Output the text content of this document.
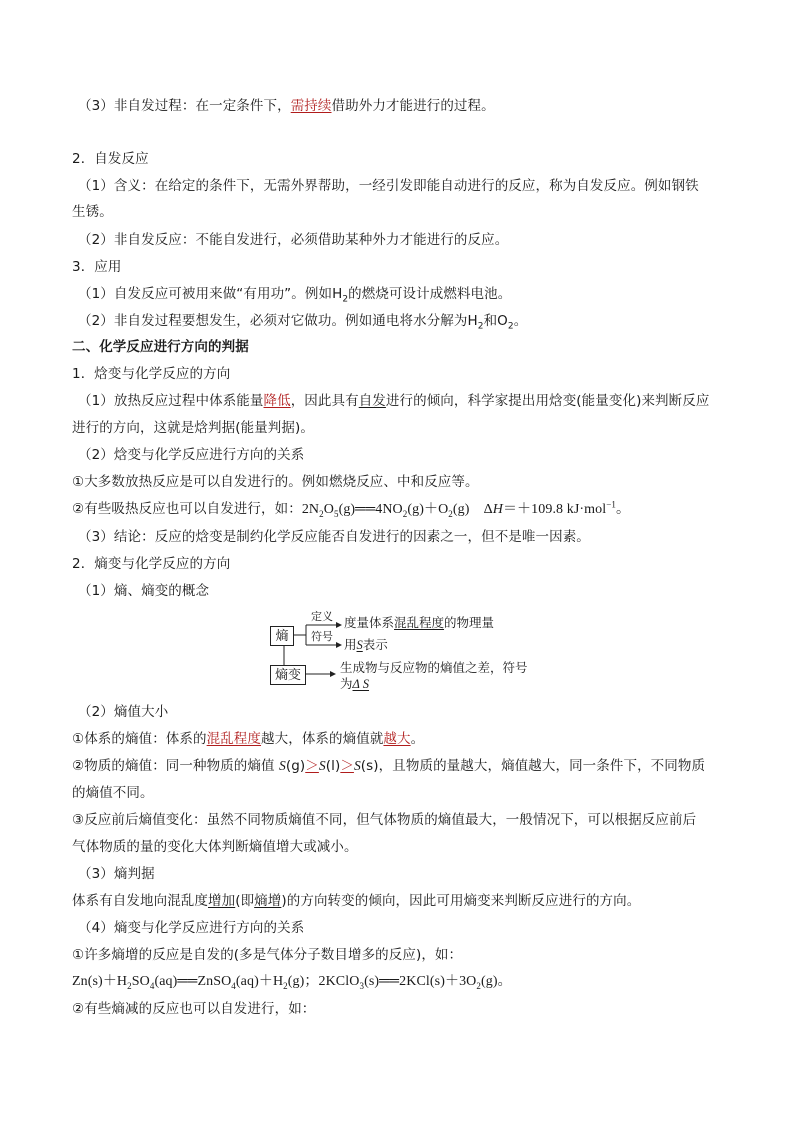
（3）非自发过程：在一定条件下，需持续借助外力才能进行的过程。
2．自发反应
（1）含义：在给定的条件下，无需外界帮助，一经引发即能自动进行的反应，称为自发反应。例如钢铁
生锈。
（2）非自发反应：不能自发进行，必须借助某种外力才能进行的反应。
3．应用
（1）自发反应可被用来做“有用功”。例如$H_2$的燃烧可设计成燃料电池。
（2）非自发过程要想发生，必须对它做功。例如通电将水分解为$H_2$和$O_2$。
二、化学反应进行方向的判据
1．焓变与化学反应的方向
（1）放热反应过程中体系能量降低，因此具有自发进行的倾向，科学家提出用焓变(能量变化)来判断反应
进行的方向，这就是焓判据(能量判据)。
（2）焓变与化学反应进行方向的关系
①大多数放热反应是可以自发进行的。例如燃烧反应、中和反应等。
②有些吸热反应也可以自发进行，如：$2N_2O_5(g)══4NO_2(g)+O_2(g)$　ΔH＝＋109.8 kJ·mol$^{-1}$。
（3）结论：反应的焓变是制约化学反应能否自发进行的因素之一，但不是唯一因素。
2．熵变与化学反应的方向
（1）熵、熵变的概念
熵
定义
符号
度量体系混乱程度的物理量
用S表示
熵变	生成物与反应物的熵值之差，符号
为Δ S
（2）熵值大小
①体系的熵值：体系的混乱程度越大，体系的熵值就越大。
②物质的熵值：同一种物质的熵值 S(g)＞S(l)＞S(s)，且物质的量越大，熵值越大，同一条件下，不同物质
的熵值不同。
③反应前后熵值变化：虽然不同物质熵值不同，但气体物质的熵值最大，一般情况下，可以根据反应前后
气体物质的量的变化大体判断熵值增大或减小。
（3）熵判据
体系有自发地向混乱度增加(即熵增)的方向转变的倾向，因此可用熵变来判断反应进行的方向。
（4）熵变与化学反应进行方向的关系
①许多熵增的反应是自发的(多是气体分子数目增多的反应)，如：
$Zn(s)+H_2SO_4(aq)══ZnSO_4(aq)+H_2(g)$；$2KClO_3(s)══2KCl(s)+3O_2(g)$。
②有些熵减的反应也可以自发进行，如：
